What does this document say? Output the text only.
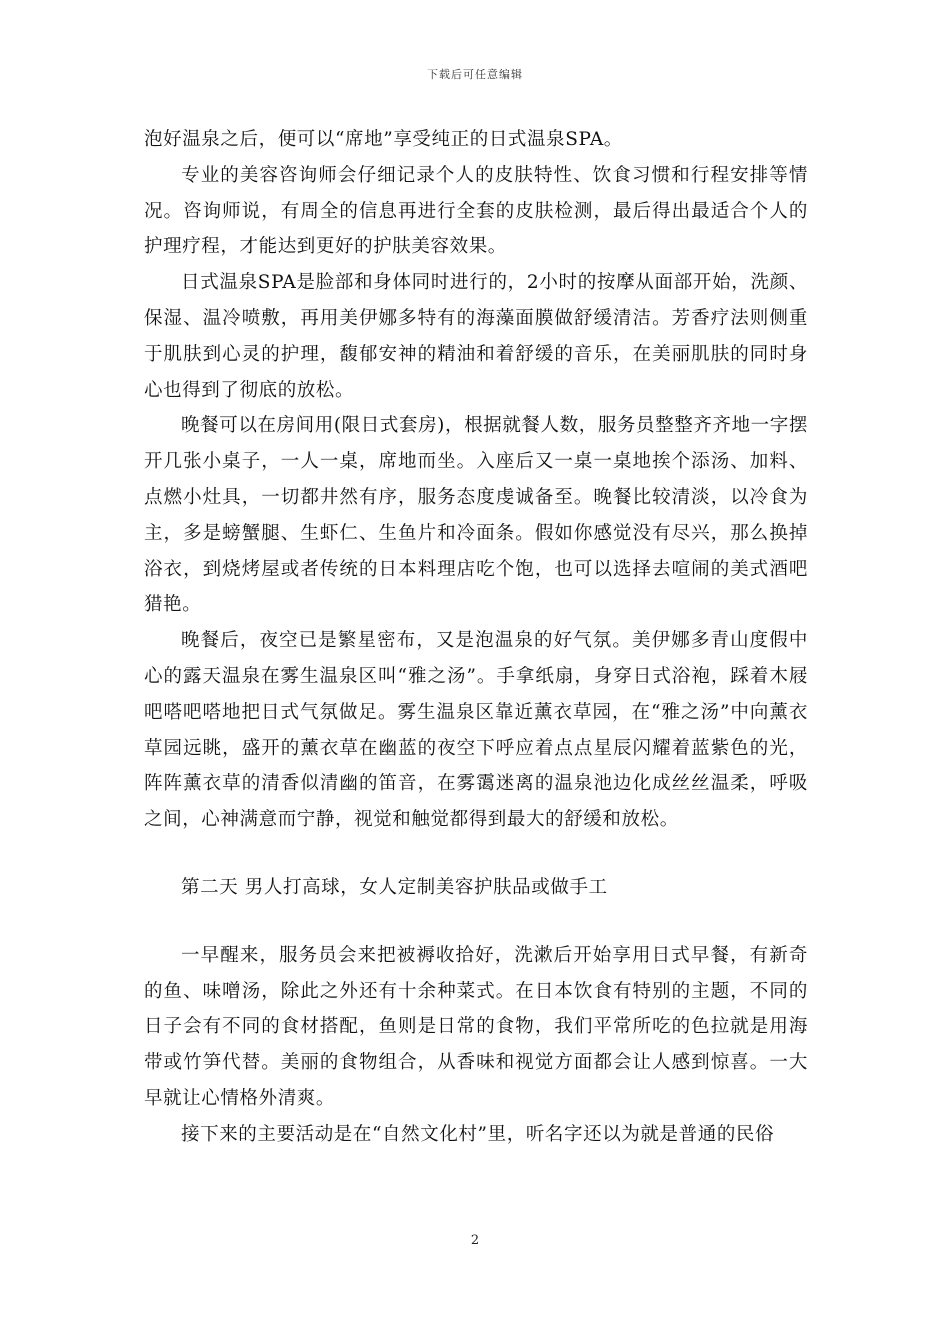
下载后可任意编辑

泡好温泉之后，便可以“席地”享受纯正的日式温泉SPA。

专业的美容咨询师会仔细记录个人的皮肤特性、饮食习惯和行程安排等情况。咨询师说，有周全的信息再进行全套的皮肤检测，最后得出最适合个人的护理疗程，才能达到更好的护肤美容效果。

日式温泉SPA是脸部和身体同时进行的，2小时的按摩从面部开始，洗颜、保湿、温冷喷敷，再用美伊娜多特有的海藻面膜做舒缓清洁。芳香疗法则侧重于肌肤到心灵的护理，馥郁安神的精油和着舒缓的音乐，在美丽肌肤的同时身心也得到了彻底的放松。

晚餐可以在房间用(限日式套房)，根据就餐人数，服务员整整齐齐地一字摆开几张小桌子，一人一桌，席地而坐。入座后又一桌一桌地挨个添汤、加料、点燃小灶具，一切都井然有序，服务态度虔诚备至。晚餐比较清淡，以冷食为主，多是螃蟹腿、生虾仁、生鱼片和冷面条。假如你感觉没有尽兴，那么换掉浴衣，到烧烤屋或者传统的日本料理店吃个饱，也可以选择去喧闹的美式酒吧猎艳。

晚餐后，夜空已是繁星密布，又是泡温泉的好气氛。美伊娜多青山度假中心的露天温泉在雾生温泉区叫“雅之汤”。手拿纸扇，身穿日式浴袍，踩着木屐吧嗒吧嗒地把日式气氛做足。雾生温泉区靠近薰衣草园，在“雅之汤”中向薰衣草园远眺，盛开的薰衣草在幽蓝的夜空下呼应着点点星辰闪耀着蓝紫色的光，阵阵薰衣草的清香似清幽的笛音，在雾霭迷离的温泉池边化成丝丝温柔，呼吸之间，心神满意而宁静，视觉和触觉都得到最大的舒缓和放松。

第二天 男人打高球，女人定制美容护肤品或做手工

一早醒来，服务员会来把被褥收拾好，洗漱后开始享用日式早餐，有新奇的鱼、味噌汤，除此之外还有十余种菜式。在日本饮食有特别的主题，不同的日子会有不同的食材搭配，鱼则是日常的食物，我们平常所吃的色拉就是用海带或竹笋代替。美丽的食物组合，从香味和视觉方面都会让人感到惊喜。一大早就让心情格外清爽。

接下来的主要活动是在“自然文化村”里，听名字还以为就是普通的民俗

2
